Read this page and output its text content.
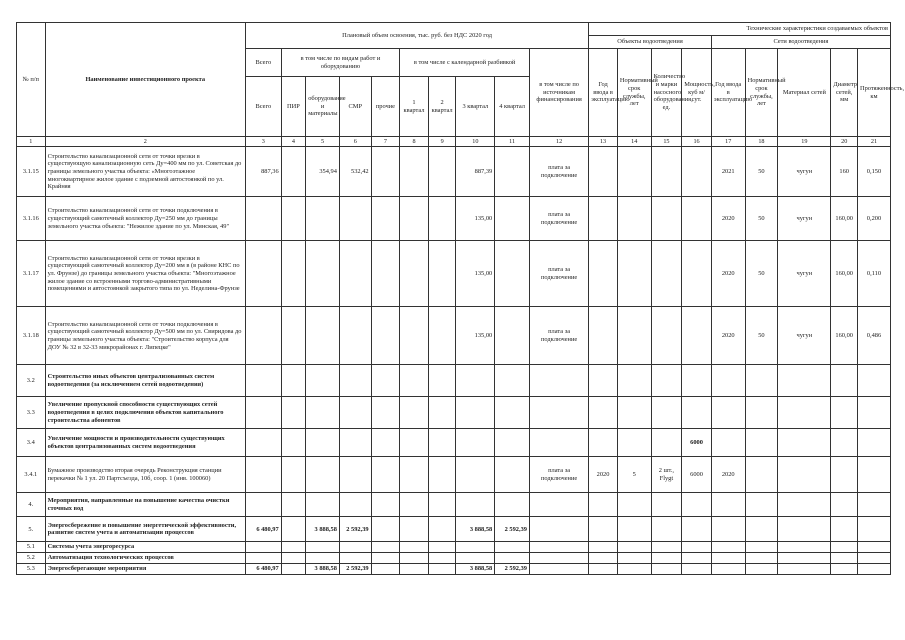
№ п/п	Наименование инвестиционного проекта	Плановый объем освоения, тыс. руб. без НДС 2020 год										Технические характеристики создаваемых объектов								
												Объекты водоотведения				Сети водоотведения				
		Всего	в том числе по видам работ и оборудованию				в том числе с календарной разбивкой				в том числе по источникам финансирования	Год ввода в эксплуатацию	Нормативный срок службы, лет	Количество и марки насосного оборудования, ед.	Мощность, куб м/сут.	Год ввода в эксплуатацию	Нормативный срок службы, лет	Материал сетей	Диаметр сетей, мм	Протяженность, км
		Всего	ПИР	оборудование и материалы	СМР	прочие	1 квартал	2 квартал	3 квартал	4 квартал										
1	2	3	4	5	6	7	8	9	10	11	12	13	14	15	16	17	18	19	20	21
3.1.15	Строительство канализационной сети от точки врезки в существующую канализационную сеть Ду=400 мм по ул. Советская до границы земельного участка объекта: «Многоэтажное многоквартирное жилое здание с подземной автостоянкой по ул. Крайняя	887,36		354,94	532,42				887,39		плата за подключение					2021	50	чугун	160	0,150
3.1.16	Строительство канализационной сети от точки подключения в существующий самотечный коллектор Ду=250 мм до границы земельного участка объекта: "Нежилое здание по ул. Минская, 49"								135,00		плата за подключение					2020	50	чугун	160,00	0,200
3.1.17	Строительство канализационной сети от точки врезки в существующий самотечный коллектор Ду=200 мм в (в районе КНС по ул. Фрунзе) до границы земельного участка объекта: "Многоэтажное жилое здание со встроенными торгово-административными помещениями и автостоянкой закрытого типа по ул. Неделина-Фрунзе								135,00		плата за подключение					2020	50	чугун	160,00	0,110
3.1.18	Строительство канализационной сети от точки подключения в существующий самотечный коллектор Ду=500 мм по ул. Свиридова до границы земельного участка объекта: "Строительство корпуса для ДОУ № 32 в 32-33 микрорайонах г. Липецке"								135,00		плата за подключение					2020	50	чугун	160,00	0,486
3.2	Строительство иных объектов централизованных систем водоотведения (за исключением сетей водоотведения)																			
3.3	Увеличение пропускной способности существующих сетей водоотведения в целях подключения объектов капитального строительства абонентов																			
3.4	Увеличение мощности и производительности существующих объектов централизованных систем водоотведения														6000					
3.4.1	Бумажное производство вторая очередь Реконструкция станции перекачки № 1 ул. 20 Партсъезда, 10б, соор. 1 (инв. 100060)										плата за подключение	2020	5	2 шт., Flygt	6000	2020				
4.	Мероприятия, направленные на повышение качества очистки сточных вод																			
5.	Энергосбережение и повышение энергетической эффективности, развитие систем учета и автоматизации процессов	6 480,97		3 888,58	2 592,39				3 888,58	2 592,39										
5.1	Системы учета энергоресурса																			
5.2	Автоматизация технологических процессов																			
5.3	Энергосберегающие мероприятия	6 480,97		3 888,58	2 592,39				3 888,58	2 592,39										
